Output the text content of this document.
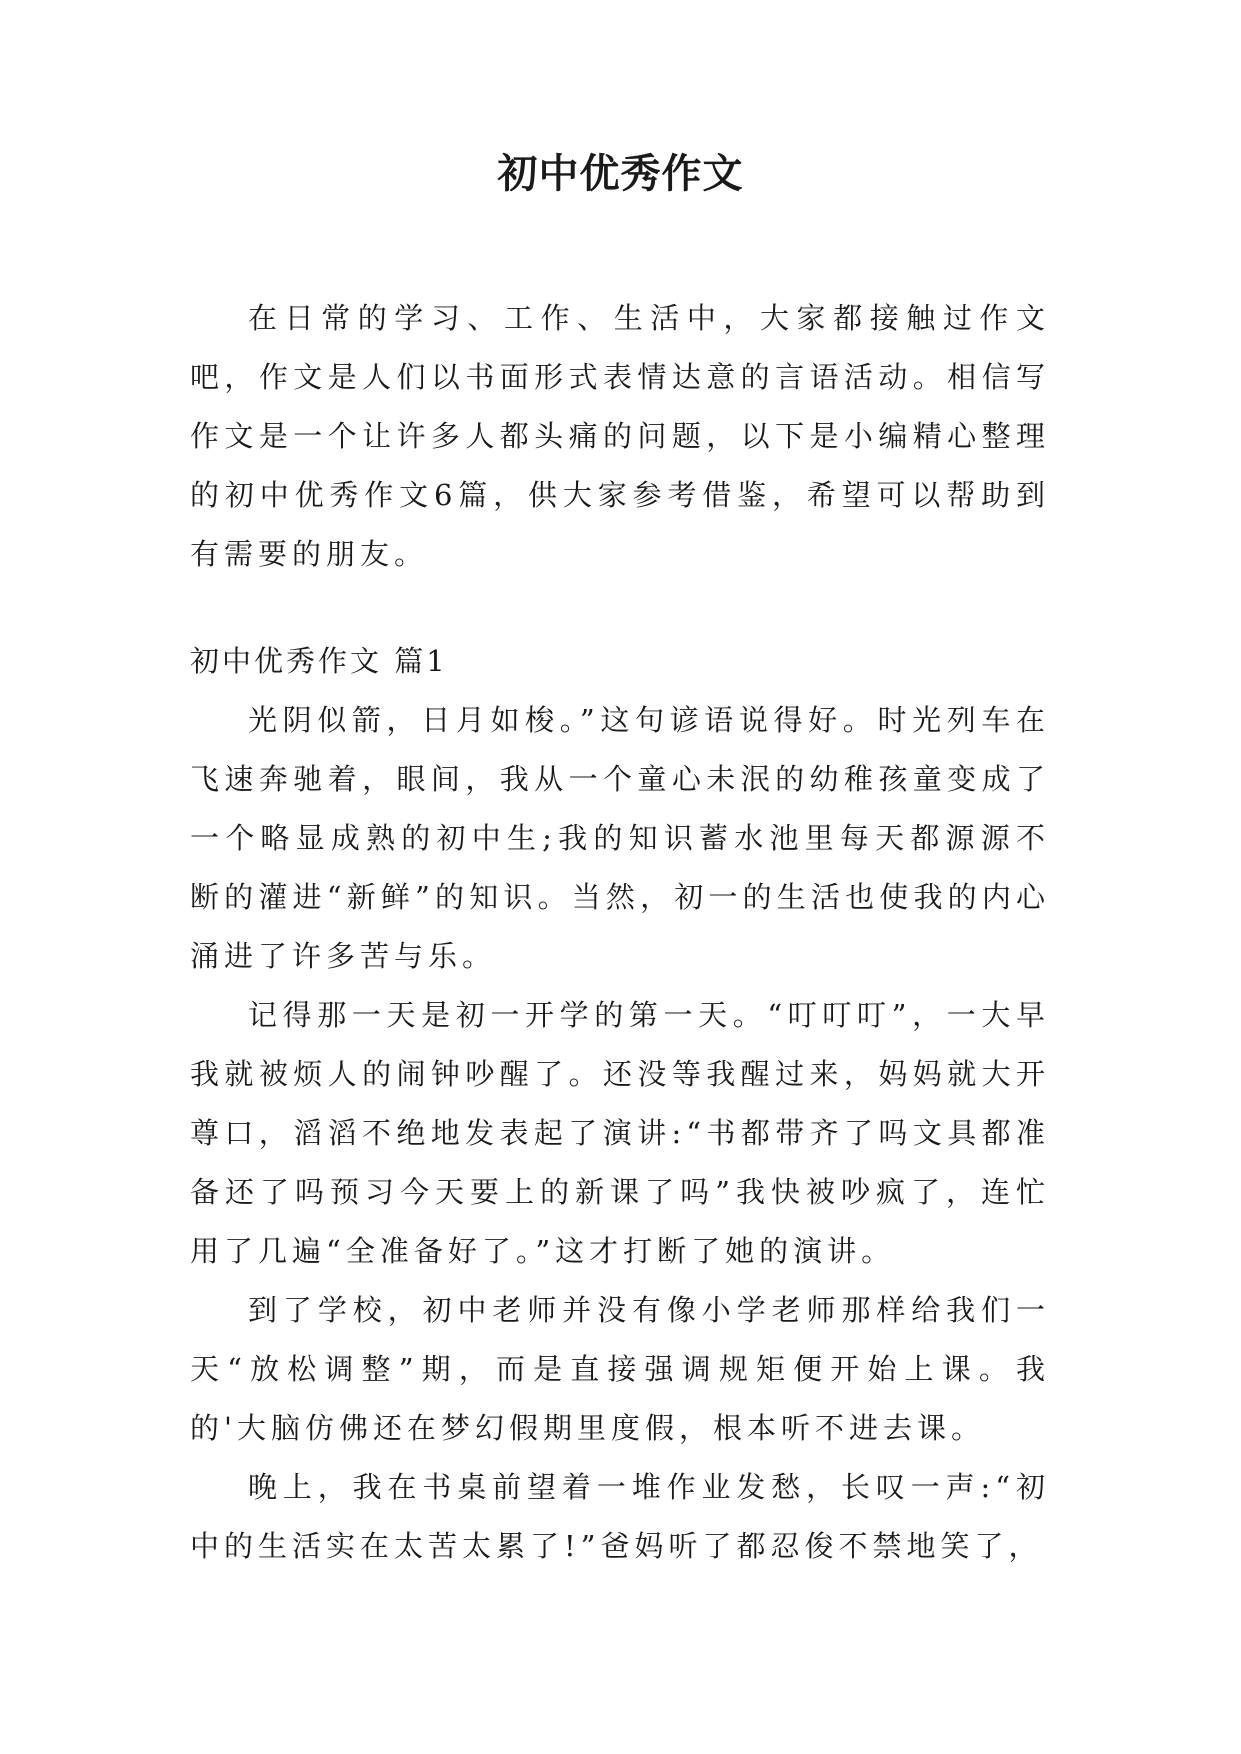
初中优秀作文

在日常的学习、工作、生活中，大家都接触过作文吧，作文是人们以书面形式表情达意的言语活动。相信写作文是一个让许多人都头痛的问题，以下是小编精心整理的初中优秀作文6篇，供大家参考借鉴，希望可以帮助到有需要的朋友。

初中优秀作文 篇1

光阴似箭，日月如梭。”这句谚语说得好。时光列车在飞速奔驰着，眼间，我从一个童心未泯的幼稚孩童变成了一个略显成熟的初中生;我的知识蓄水池里每天都源源不断的灌进“新鲜”的知识。当然，初一的生活也使我的内心涌进了许多苦与乐。

记得那一天是初一开学的第一天。“叮叮叮”，一大早我就被烦人的闹钟吵醒了。还没等我醒过来，妈妈就大开尊口，滔滔不绝地发表起了演讲:“书都带齐了吗文具都准备还了吗预习今天要上的新课了吗”我快被吵疯了，连忙用了几遍“全准备好了。”这才打断了她的演讲。

到了学校，初中老师并没有像小学老师那样给我们一天“放松调整”期，而是直接强调规矩便开始上课。我的'大脑仿佛还在梦幻假期里度假，根本听不进去课。

晚上，我在书桌前望着一堆作业发愁，长叹一声:“初中的生活实在太苦太累了!”爸妈听了都忍俊不禁地笑了，
